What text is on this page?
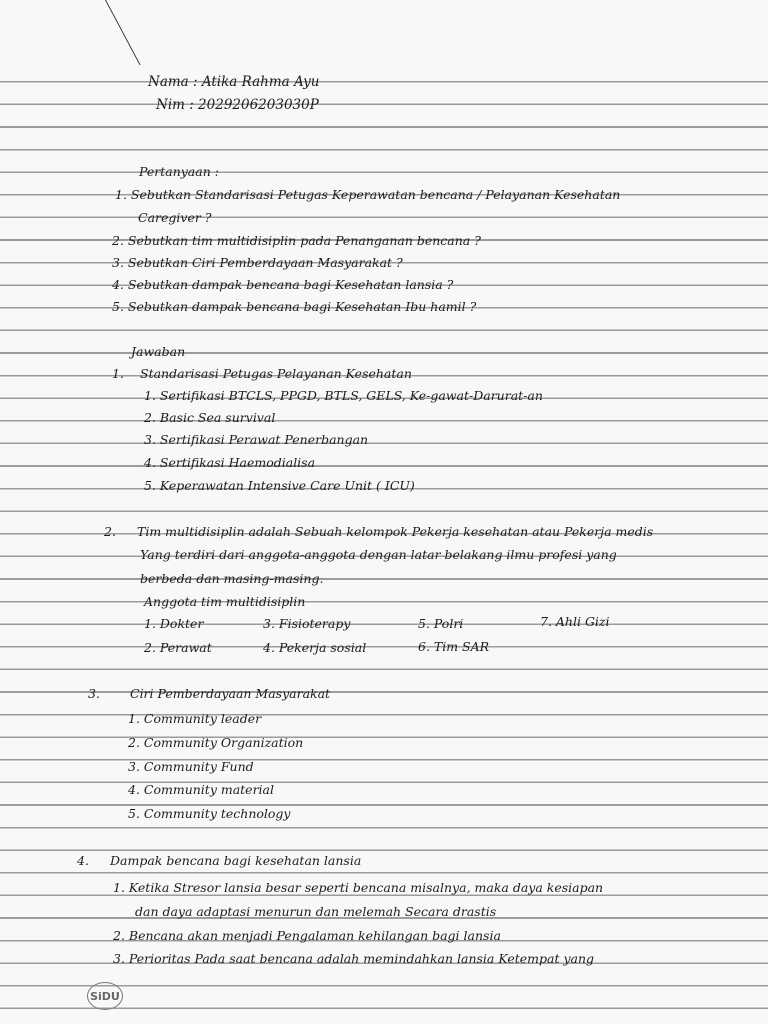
Nama : Atika Rahma Ayu
Nim : 2029206203030P
Pertanyaan :
1. Sebutkan Standarisasi Petugas Keperawatan bencana / Pelayanan Kesehatan
Caregiver ?
2. Sebutkan tim multidisiplin pada Penanganan bencana ?
3. Sebutkan Ciri Pemberdayaan Masyarakat ?
4. Sebutkan dampak bencana bagi Kesehatan lansia ?
5. Sebutkan dampak bencana bagi Kesehatan Ibu hamil ?
Jawaban
1. Standarisasi Petugas Pelayanan Kesehatan
1. Sertifikasi BTCLS, PPGD, BTLS, GELS, Ke-gawat-Darurat-an
2. Basic Sea survival
3. Sertifikasi Perawat Penerbangan
4. Sertifikasi Haemodialisa
5. Keperawatan Intensive Care Unit ( ICU)
2. Tim multidisiplin adalah Sebuah kelompok Pekerja kesehatan atau Pekerja medis
Yang terdiri dari anggota-anggota dengan latar belakang ilmu profesi yang
berbeda dan masing-masing.
Anggota tim multidisiplin
1. Dokter	3. Fisioterapy	5. Polri	7. Ahli Gizi
2. Perawat	4. Pekerja sosial	6. Tim SAR
3. Ciri Pemberdayaan Masyarakat
1. Community leader
2. Community Organization
3. Community Fund
4. Community material
5. Community technology
4. Dampak bencana bagi kesehatan lansia
1. Ketika Stresor lansia besar seperti bencana misalnya, maka daya kesiapan
dan daya adaptasi menurun dan melemah Secara drastis
2. Bencana akan menjadi Pengalaman kehilangan bagi lansia
3. Perioritas Pada saat bencana adalah memindahkan lansia Ketempat yang
SiDU
